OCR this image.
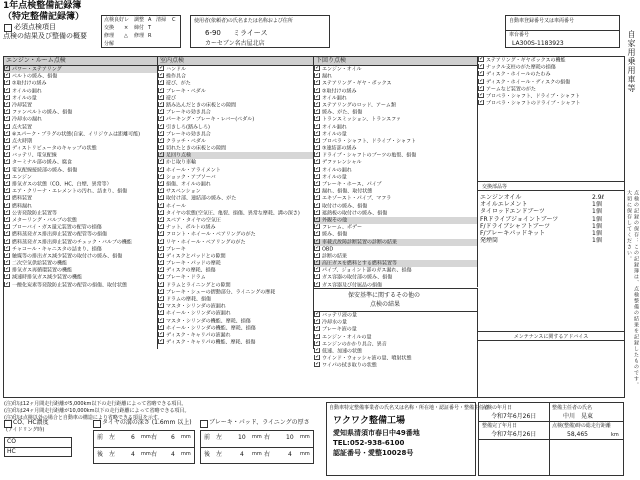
1年点検整備記録簿
（特定整備記録簿）
必須点検項目
点検の結果及び整備の概要
点検良好 レ 調整 A 清掃 C
交換 × 締付 T
修理 △ 修理 R
分解
使用者(依頼者)の氏名または名称および住所
6-90 ミライース
カーセブン名古屋北店
自動車登録番号又は車両番号
車台番号
LA300S-1183923
エンジン・ルーム点検
✓ パワー・ステアリング
✓ ベルトの緩み、損傷
✓ ②取付けの緩み
✓ オイルの漏れ
✓ オイルの量
✓ 冷却装置
✓ ファンベルトの緩み、損傷
✓ 冷却水の漏れ
✓ 点火装置
✓ ※スパーク・プラグの状態(自家、イリジウムは距離可能)
✓ 点火時期
✓ ディストリビュータのキャップの状態
✓ バッテリ、電気配線
✓ ターミナル部の緩み、腐食
✓ 電気配線接続部の緩み、損傷
✓ エンジン
✓ 排気ガスの状態（CO、HC、白煙、異常等）
✓ エア・クリーナ・エレメントの汚れ、詰まり、損傷
✓ 燃料装置
✓ 燃料漏れ
✓ 公害発散防止装置等
✓ メターリング・バルブの状態
✓ ブローバイ・ガス還元装置の配管の損傷
✓ 燃料蒸発ガス排出抑止装置の配管等の損傷
✓ 燃料蒸発ガス排出抑止装置のチェック・バルブの機能
✓ チャコール・キャニスタの詰まり、損傷
✓ 触媒等の排出ガス減少装置の取付けの緩み、損傷
✓ 二次空気供給装置の機能
✓ 排気ガス再循環装置の機能
✓ 減速時排気ガス減少装置の機能
✓ 一酸化炭素等発散防止装置の配管の損傷、取付状態
室内点検
✓ ハンドル
✓ 操作具合
✓ 遊び、がた
✓ ブレーキ・ペダル
✓ 遊び
✓ 踏み込んだときの床板との隙間
✓ ブレーキの効き具合
✓ パーキング・ブレーキ・レバー(ペダル)
✓ 引きしろ(踏みしろ)
✓ ブレーキの効き具合
✓ クラッチ・ペダル
✓ 切れたときの床板との隙間
✓ 足回り点検
✓ かじ取り車輪
✓ ホイール・アライメント
✓ ショック・アブソーバ
✓ 損傷、オイルの漏れ
✓ サスペンション
✓ 取付け部、連結部の緩み、がた
✓ ホイール
✓ タイヤの状態(空気圧、亀裂、損傷、異常な摩耗、溝の深さ)
✓ スペア・タイヤの空気圧
✓ ナット、ボルトの緩み
✓ フロント・ホイール・ベアリングのがた
✓ リヤ・ホイール・ベアリングのがた
✓ ブレーキ
✓ ディスクとパッドとの隙間
✓ ブレーキ・パッドの摩耗
✓ ディスクの摩耗、損傷
✓ ブレーキ・ドラム
✓ ドラムとライニングとの隙間
✓ ブレーキ・シューの摺動部分、ライニングの摩耗
✓ ドラムの摩耗、損傷
✓ マスタ・シリンダの液漏れ
✓ ホイール・シリンダの液漏れ
✓ マスタ・シリンダの機能、摩耗、損傷
✓ ホイール・シリンダの機能、摩耗、損傷
✓ ディスク・キャリパの液漏れ
✓ ディスク・キャリパの機能、摩耗、損傷
下回り点検
✓ エンジン・オイル
✓ 漏れ
✓ ステアリング・ギヤ・ボックス
✓ ②取付けの緩み
✓ オイル漏れ
✓ ステアリングのロッド、アーム類
✓ 緩み、がた、損傷
✓ トランスミッション、トランスファ
✓ オイル漏れ
✓ オイルの量
✓ プロペラ・シャフト、ドライブ・シャフト
✓ ③連結部の緩み
✓ ドライブ・シャフトのブーツの亀裂、損傷
✓ デファレンシャル
✓ オイルの漏れ
✓ オイルの量
✓ ブレーキ・ホース、パイプ
✓ 漏れ、損傷、取付状態
✓ エキゾースト・パイプ、マフラ
✓ 取付けの緩み、損傷
✓ 遮熱板の取付けの緩み、損傷
✓ 外観その他
✓ フレーム、ボデー
✓ 緩み、損傷
✓ 車載式故障診断装置の診断の結果
✓ OBD
✓ 診断の結果
✓ 高圧ガスを燃料とする燃料装置等
✓ パイプ、ジョイント部のガス漏れ、損傷
✓ ガス容器の取付部の緩み、損傷
✓ ガス容器及び付属品の損傷
保安基準に関するその他の
点検の結果
✓ バッテリ液の量
✓ 冷却水の量
✓ ブレーキ液の量
✓ エンジン・オイルの量
✓ エンジンのかかり具合、異音
✓ 低速、加速の状態
✓ ウインド・ウォッシャ液の量、噴射状態
✓ ワイパの拭き取りの状態
✓ ステアリング・ギヤボックスの機能
✓ ナックル支柱のがた摩耗の損傷
✓ ディスク・ホイールのたわみ
✓ ディスク・ホイール・ディスクの損傷
✓ アームなど装置のがた
✓ プロペラ・シャフト、ドライブ・シャフト
✓ プロペラ・シャフトのドライブ・シャフト
交換部品等
エンジンオイル	2.9ℓ
オイルエレメント	1個
タイロッドエンドブーツ	1個
FRドライブジョイントブーツ	1個
F/ドライブシャフトブーツ	1個
F/ブレーキパッドキット	1個
発煙筒	1個
メンテナンスに関するアドバイス
自家用乗用車等
点検の記録の保存：この記録簿は、点検整備の結果を記録したものです。大切に保存してください。
(注)印は12ヶ月間走行距離が5,000km以下の走行距離によって省略できる項目。
(注)印は24ヶ月間走行距離が10,000km以下の走行距離によって省略できる項目。
(注)印は点検以外の場合と自動車の構造により省略できる項目を示す。
CO、HC濃度
(アイドリング時)
CO
HC
タイヤの溝の深さ (1.6mm 以上)
前
後
左	6 mm 右 6 mm
左	4 mm 右 4 mm
ブレーキ・パッド、ライニングの厚さ
前
後
左	10 mm 右	10 mm
左	4 mm 右	4 mm
自動車特定整備事業者の氏名又は名称・所在地・認証番号・整備主任者
ワクワク整備工場
愛知県清須市春日中49番地
TEL:052-938-6100
認証番号・愛整10028号
点検の年月日
令和7年6月26日
整備主任者の氏名
中川　晃東
整備完了年月日
令和7年6月26日
点検(整備)時の総走行距離
58,465	km
